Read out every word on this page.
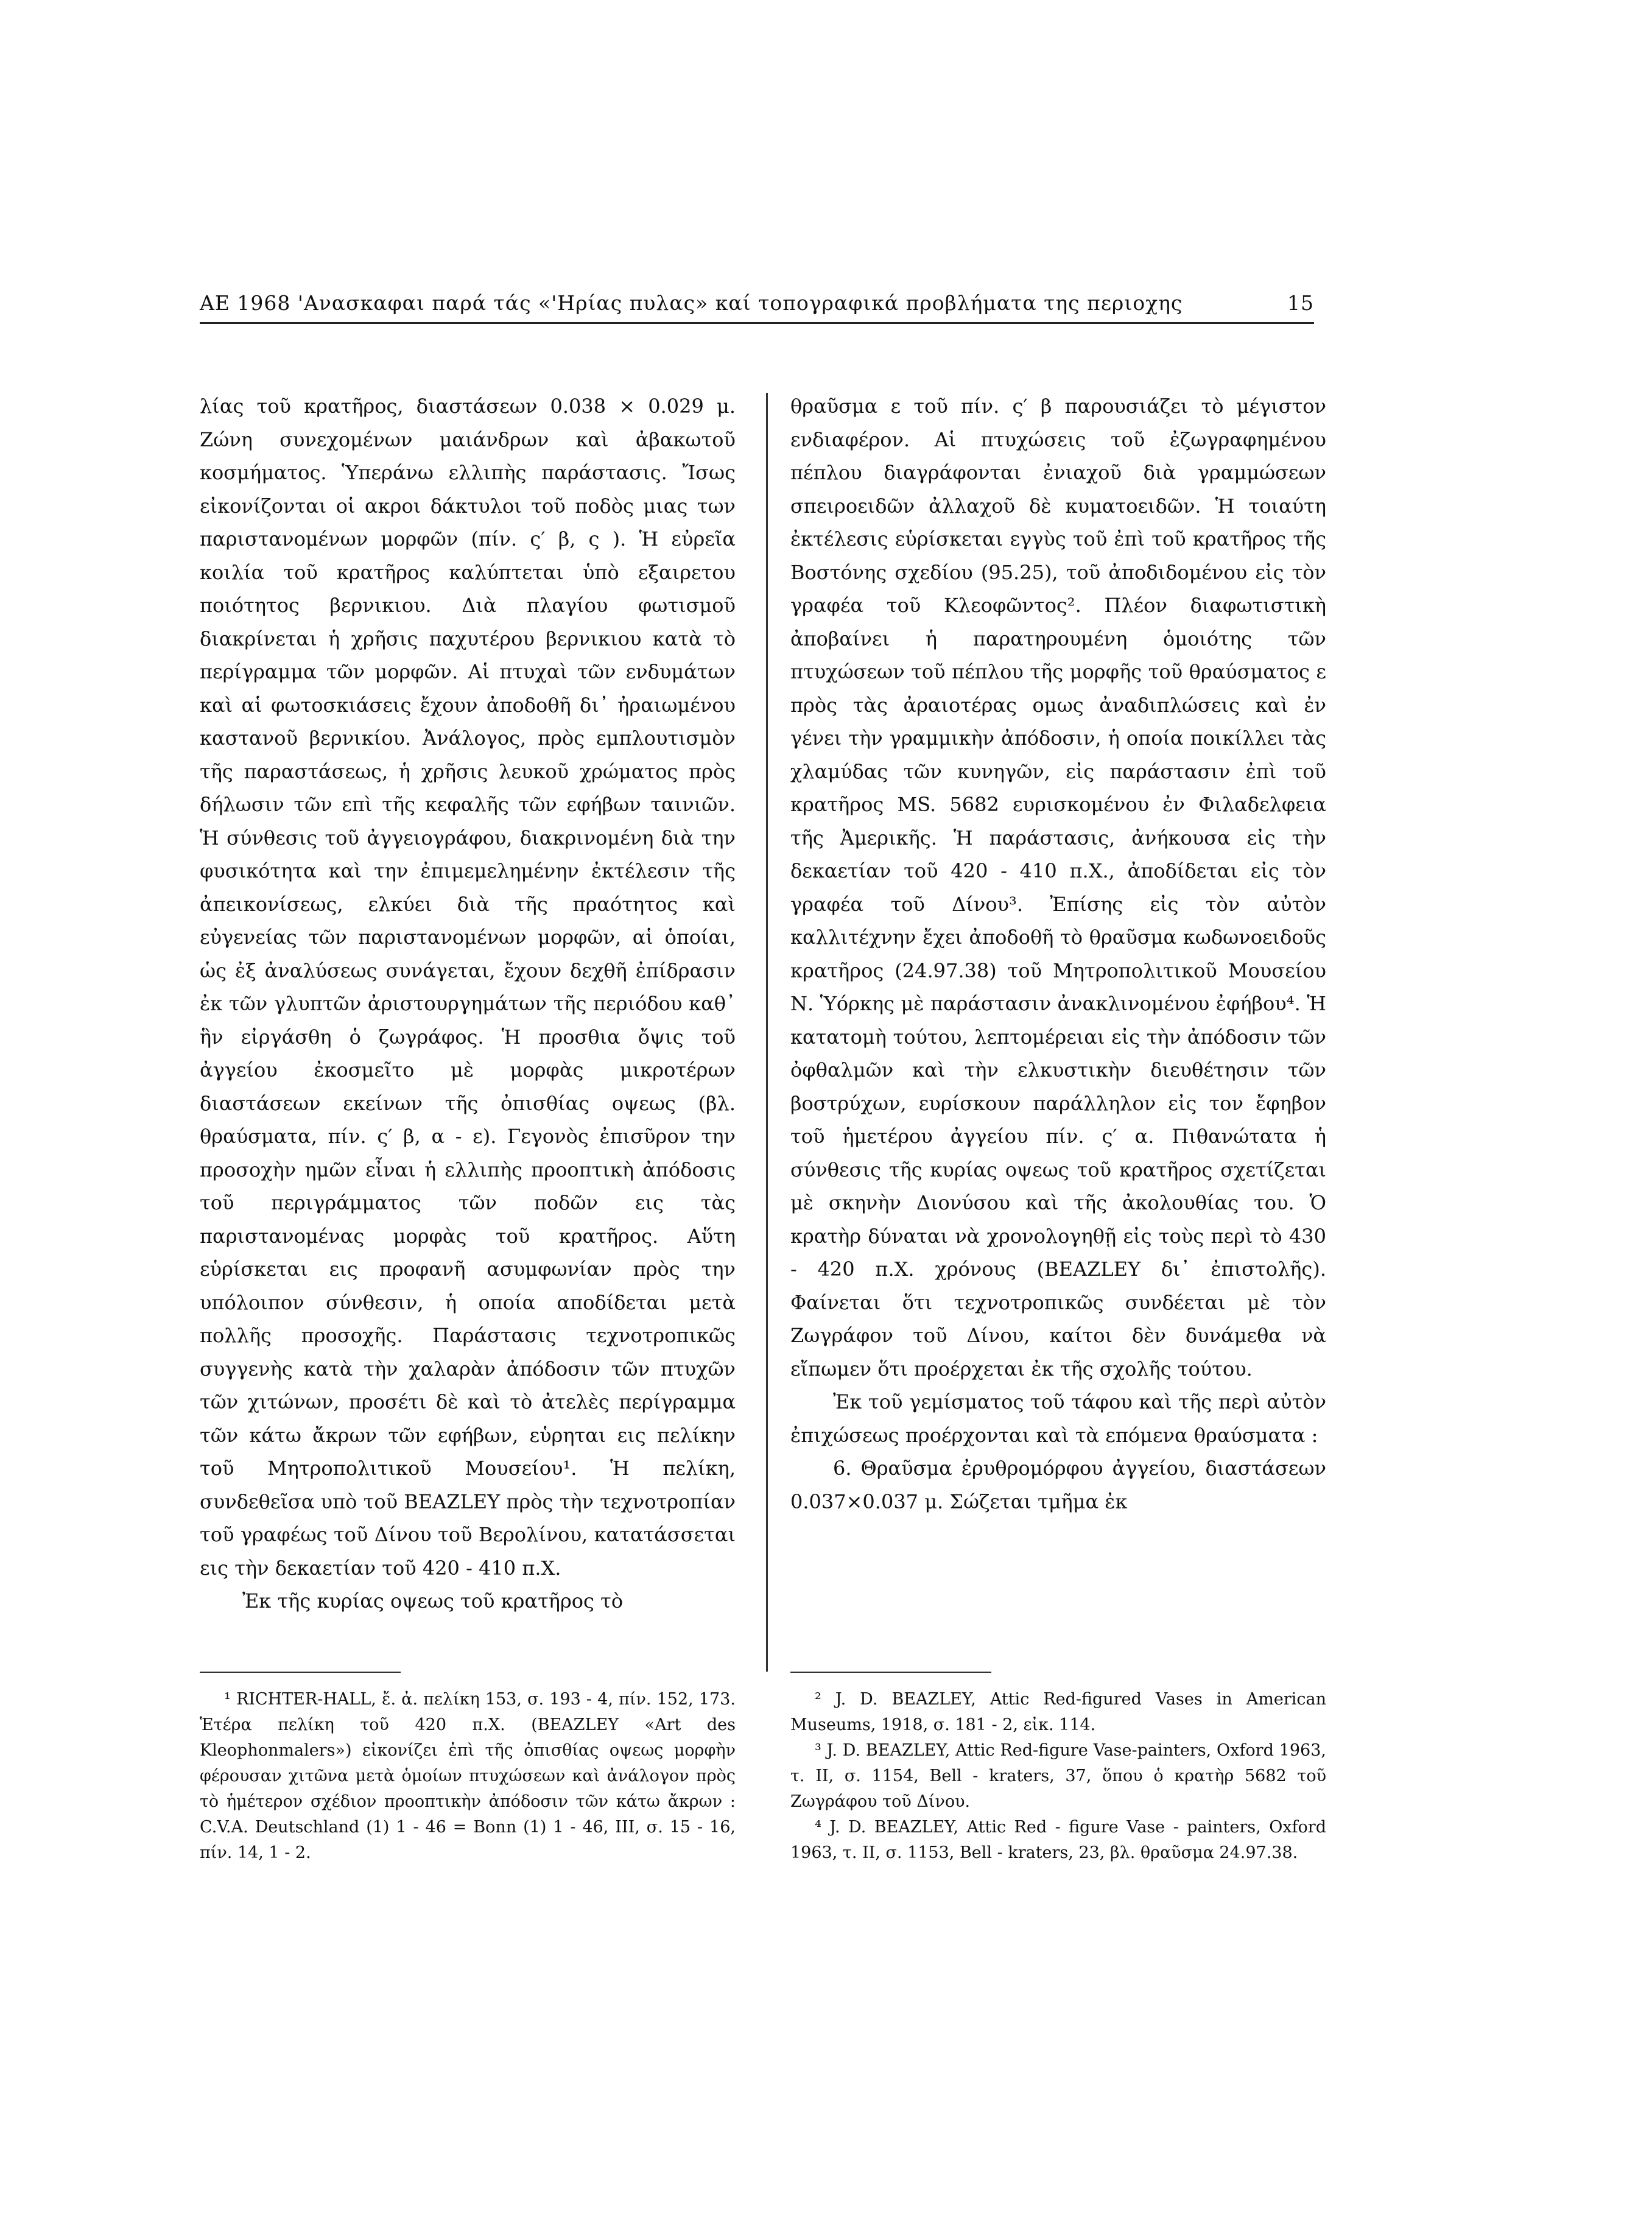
ΑΕ 1968 'Ανασκαφαι παρά τάς «'Ηρίας πυλας» καί τοπογραφικά προβλήματα της περιοχης	15

λίας τοῦ κρατῆρος, διαστάσεων 0.038 × 0.029 μ. Ζώνη συνεχομένων μαιάνδρων καὶ ἀβακωτοῦ κοσμήματος. Ὑπεράνω ελλιπὴς παράστασις. Ἴσως εἰκονίζονται οἱ ακροι δάκτυλοι τοῦ ποδὸς μιας των παριστανομένων μορφῶν (πίν. ς′ β, ς ). Ἡ εὐρεῖα κοιλία τοῦ κρατῆρος καλύπτεται ὑπὸ εξαιρετου ποιότητος βερνικιου. Διὰ πλαγίου φωτισμοῦ διακρίνεται ἡ χρῆσις παχυτέρου βερνικιου κατὰ τὸ περίγραμμα τῶν μορφῶν. Αἱ πτυχαὶ τῶν ενδυμάτων καὶ αἱ φωτοσκιάσεις ἔχουν ἀποδοθῆ δι᾽ ἠραιωμένου καστανοῦ βερνικίου. Ἀνάλογος, πρὸς εμπλουτισμὸν τῆς παραστάσεως, ἡ χρῆσις λευκοῦ χρώματος πρὸς δήλωσιν τῶν επὶ τῆς κεφαλῆς τῶν εφήβων ταινιῶν. Ἡ σύνθεσις τοῦ ἀγγειογράφου, διακρινομένη διὰ την φυσικότητα καὶ την ἐπιμεμελημένην ἐκτέλεσιν τῆς ἀπεικονίσεως, ελκύει διὰ τῆς πραότητος καὶ εὐγενείας τῶν παριστανομένων μορφῶν, αἱ ὁποίαι, ὡς ἐξ ἀναλύσεως συνάγεται, ἔχουν δεχθῆ ἐπίδρασιν ἐκ τῶν γλυπτῶν ἀριστουργημάτων τῆς περιόδου καθ᾽ ἣν εἰργάσθη ὁ ζωγράφος. Ἡ προσθια ὄψις τοῦ ἀγγείου ἐκοσμεῖτο μὲ μορφὰς μικροτέρων διαστάσεων εκείνων τῆς ὀπισθίας οψεως (βλ. θραύσματα, πίν. ς′ β, α - ε). Γεγονὸς ἐπισῦρον την προσοχὴν ημῶν εἶναι ἡ ελλιπὴς προοπτικὴ ἀπόδοσις τοῦ περιγράμματος τῶν ποδῶν εις τὰς παριστανομένας μορφὰς τοῦ κρατῆρος. Αὕτη εὑρίσκεται εις προφανῆ ασυμφωνίαν πρὸς την υπόλοιπον σύνθεσιν, ἡ οποία αποδίδεται μετὰ πολλῆς προσοχῆς. Παράστασις τεχνοτροπικῶς συγγενὴς κατὰ τὴν χαλαρὰν ἀπόδοσιν τῶν πτυχῶν τῶν χιτώνων, προσέτι δὲ καὶ τὸ ἀτελὲς περίγραμμα τῶν κάτω ἄκρων τῶν εφήβων, εὑρηται εις πελίκην τοῦ Μητροπολιτικοῦ Μουσείου¹. Ἡ πελίκη, συνδεθεῖσα υπὸ τοῦ BEAZLEY πρὸς τὴν τεχνοτροπίαν τοῦ γραφέως τοῦ Δίνου τοῦ Βερολίνου, κατατάσσεται εις τὴν δεκαετίαν τοῦ 420 - 410 π.Χ.

Ἐκ τῆς κυρίας οψεως τοῦ κρατῆρος τὸ

θραῦσμα ε τοῦ πίν. ς′ β παρουσιάζει τὸ μέγιστον ενδιαφέρον. Αἱ πτυχώσεις τοῦ ἐζωγραφημένου πέπλου διαγράφονται ἐνιαχοῦ διὰ γραμμώσεων σπειροειδῶν ἀλλαχοῦ δὲ κυματοειδῶν. Ἡ τοιαύτη ἐκτέλεσις εὑρίσκεται εγγὺς τοῦ ἐπὶ τοῦ κρατῆρος τῆς Βοστόνης σχεδίου (95.25), τοῦ ἀποδιδομένου εἰς τὸν γραφέα τοῦ Κλεοφῶντος². Πλέον διαφωτιστικὴ ἀποβαίνει ἡ παρατηρουμένη ὁμοιότης τῶν πτυχώσεων τοῦ πέπλου τῆς μορφῆς τοῦ θραύσματος ε πρὸς τὰς ἀραιοτέρας ομως ἀναδιπλώσεις καὶ ἐν γένει τὴν γραμμικὴν ἀπόδοσιν, ἡ οποία ποικίλλει τὰς χλαμύδας τῶν κυνηγῶν, εἰς παράστασιν ἐπὶ τοῦ κρατῆρος MS. 5682 ευρισκομένου ἐν Φιλαδελφεια τῆς Ἀμερικῆς. Ἡ παράστασις, ἀνήκουσα εἰς τὴν δεκαετίαν τοῦ 420 - 410 π.Χ., ἀποδίδεται εἰς τὸν γραφέα τοῦ Δίνου³. Ἐπίσης εἰς τὸν αὐτὸν καλλιτέχνην ἔχει ἀποδοθῆ τὸ θραῦσμα κωδωνοειδοῦς κρατῆρος (24.97.38) τοῦ Μητροπολιτικοῦ Μουσείου Ν. Ὑόρκης μὲ παράστασιν ἀνακλινομένου ἐφήβου⁴. Ἡ κατατομὴ τούτου, λεπτομέρειαι εἰς τὴν ἀπόδοσιν τῶν ὀφθαλμῶν καὶ τὴν ελκυστικὴν διευθέτησιν τῶν βοστρύχων, ευρίσκουν παράλληλον εἰς τον ἔφηβον τοῦ ἡμετέρου ἀγγείου πίν. ς′ α. Πιθανώτατα ἡ σύνθεσις τῆς κυρίας οψεως τοῦ κρατῆρος σχετίζεται μὲ σκηνὴν Διονύσου καὶ τῆς ἀκολουθίας του. Ὁ κρατὴρ δύναται νὰ χρονολογηθῇ εἰς τοὺς περὶ τὸ 430 - 420 π.Χ. χρόνους (BEAZLEY δι᾽ ἐπιστολῆς). Φαίνεται ὅτι τεχνοτροπικῶς συνδέεται μὲ τὸν Ζωγράφον τοῦ Δίνου, καίτοι δὲν δυνάμεθα νὰ εἴπωμεν ὅτι προέρχεται ἐκ τῆς σχολῆς τούτου.

Ἐκ τοῦ γεμίσματος τοῦ τάφου καὶ τῆς περὶ αὐτὸν ἐπιχώσεως προέρχονται καὶ τὰ επόμενα θραύσματα :

6. Θραῦσμα ἐρυθρομόρφου ἀγγείου, διαστάσεων 0.037×0.037 μ. Σώζεται τμῆμα ἐκ

¹ RICHTER-HALL, ἔ. ἀ. πελίκη 153, σ. 193 - 4, πίν. 152, 173. Ἑτέρα πελίκη τοῦ 420 π.Χ. (BEAZLEY «Art des Kleophonmalers») εἰκονίζει ἐπὶ τῆς ὀπισθίας οψεως μορφὴν φέρουσαν χιτῶνα μετὰ ὁμοίων πτυχώσεων καὶ ἀνάλογον πρὸς τὸ ἡμέτερον σχέδιον προοπτικὴν ἀπόδοσιν τῶν κάτω ἄκρων : C.V.A. Deutschland (1) 1 - 46 = Bonn (1) 1 - 46, III, σ. 15 - 16, πίν. 14, 1 - 2.

² J. D. BEAZLEY, Attic Red-figured Vases in American Museums, 1918, σ. 181 - 2, εἰκ. 114.

³ J. D. BEAZLEY, Attic Red-figure Vase-painters, Oxford 1963, τ. II, σ. 1154, Bell - kraters, 37, ὅπου ὁ κρατὴρ 5682 τοῦ Ζωγράφου τοῦ Δίνου.

⁴ J. D. BEAZLEY, Attic Red - figure Vase - painters, Oxford 1963, τ. II, σ. 1153, Bell - kraters, 23, βλ. θραῦσμα 24.97.38.
